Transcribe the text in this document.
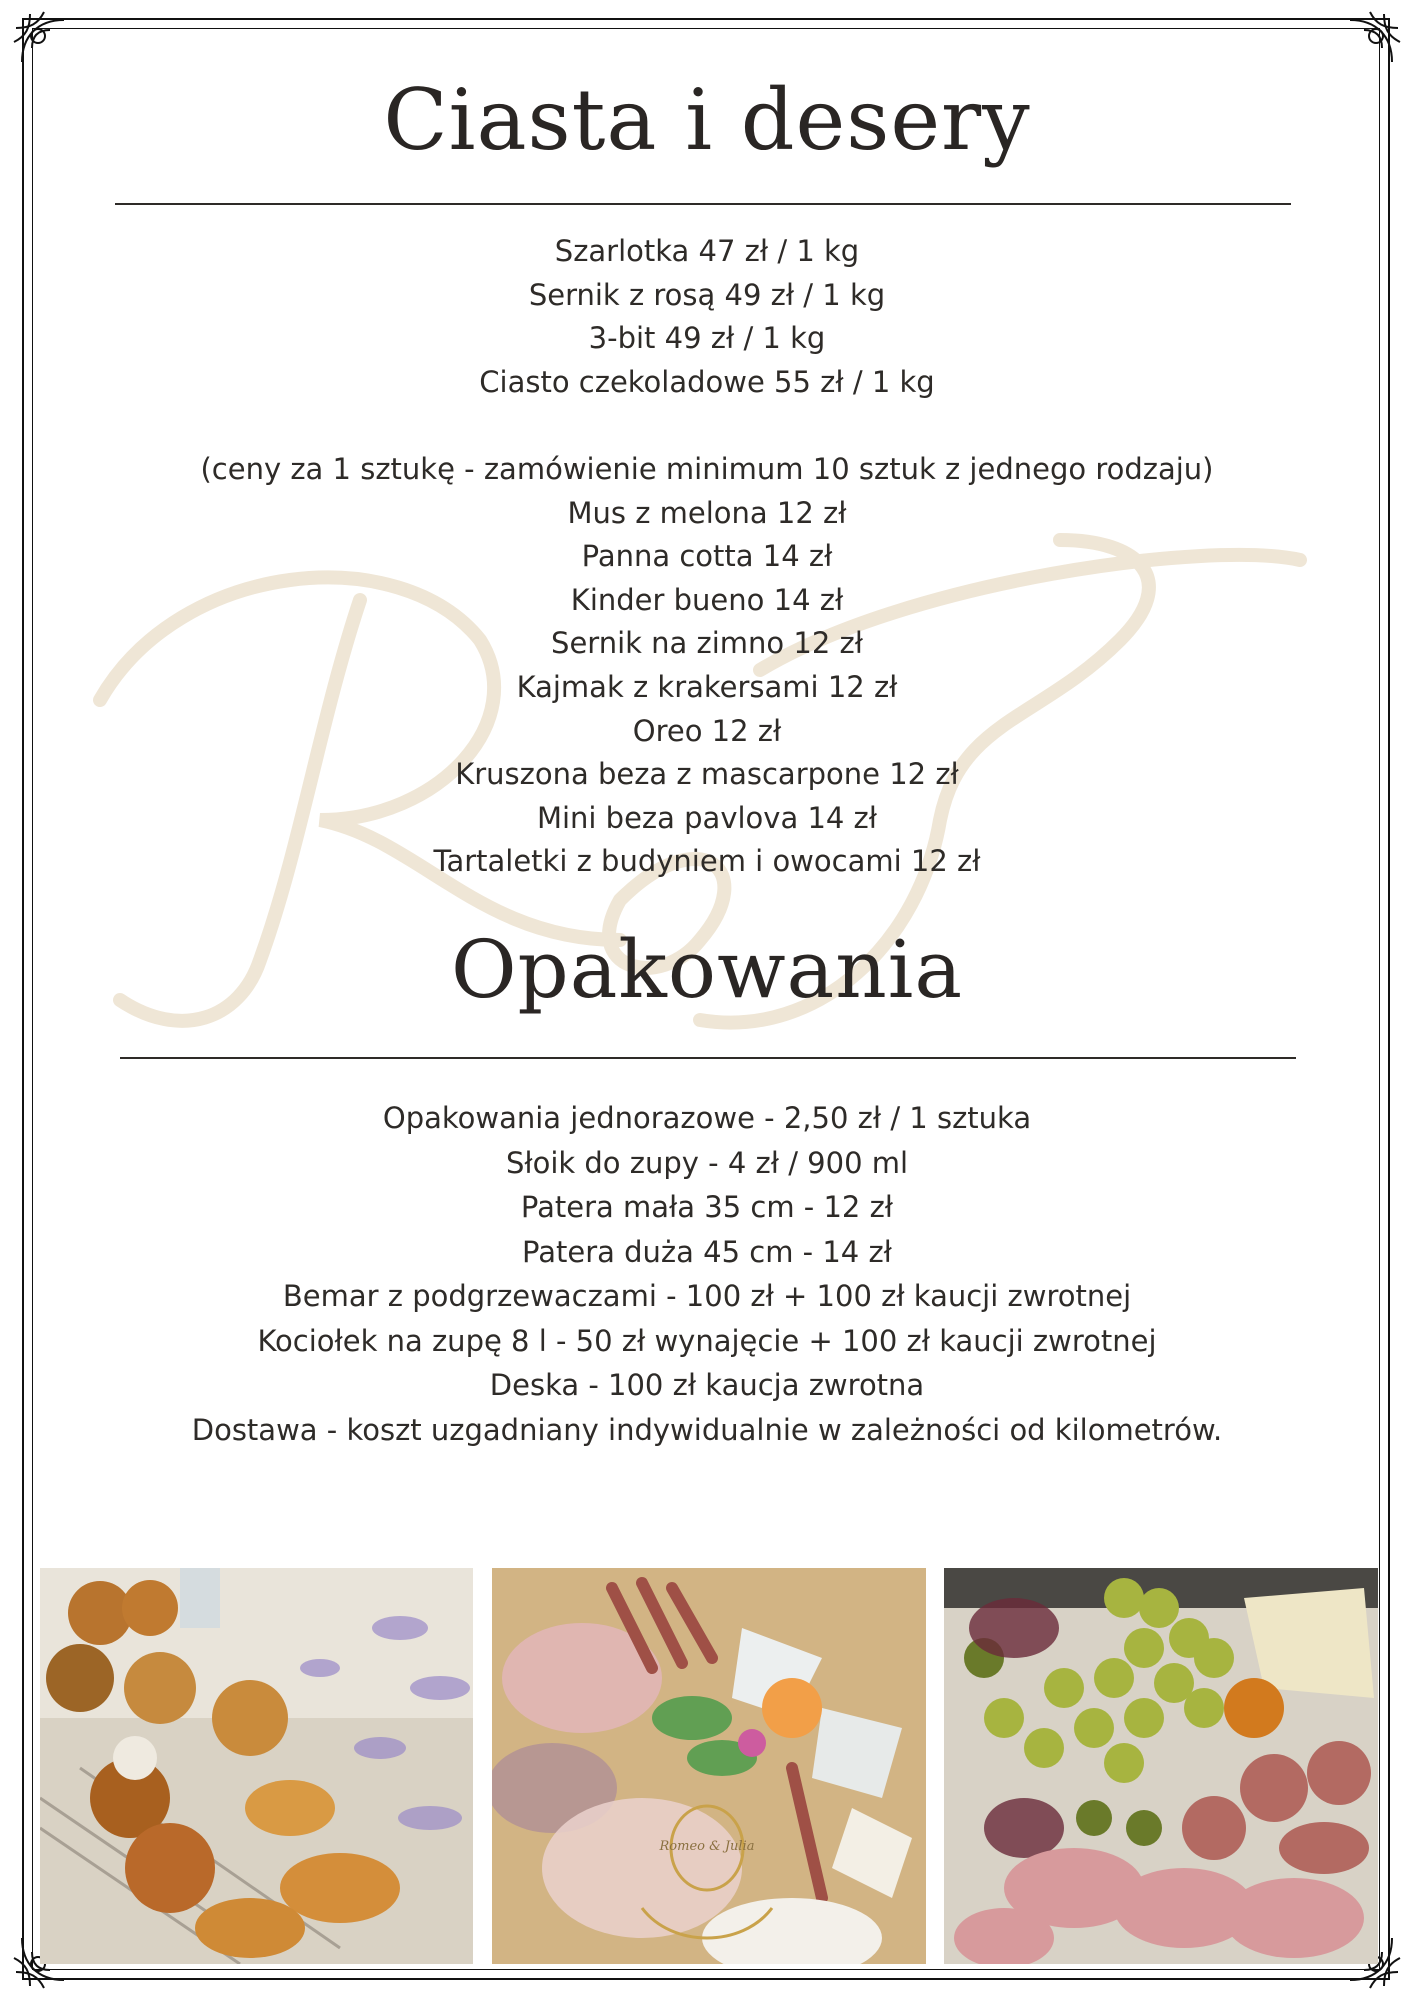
Ciasta i desery
Szarlotka 47 zł / 1 kg
Sernik z rosą 49 zł / 1 kg
3-bit 49 zł / 1 kg
Ciasto czekoladowe 55 zł / 1 kg
(ceny za 1 sztukę - zamówienie minimum 10 sztuk z jednego rodzaju)
Mus z melona 12 zł
Panna cotta 14 zł
Kinder bueno 14 zł
Sernik na zimno 12 zł
Kajmak z krakersami 12 zł
Oreo 12 zł
Kruszona beza z mascarpone 12 zł
Mini beza pavlova 14 zł
Tartaletki z budyniem i owocami 12 zł
Opakowania
Opakowania jednorazowe - 2,50 zł / 1 sztuka
Słoik do zupy - 4 zł / 900 ml
Patera mała 35 cm - 12 zł
Patera duża 45 cm - 14 zł
Bemar z podgrzewaczami - 100 zł + 100 zł kaucji zwrotnej
Kociołek na zupę 8 l - 50 zł wynajęcie + 100 zł kaucji zwrotnej
Deska - 100 zł kaucja zwrotna
Dostawa - koszt uzgadniany indywidualnie w zależności od kilometrów.
Romeo & Julia
